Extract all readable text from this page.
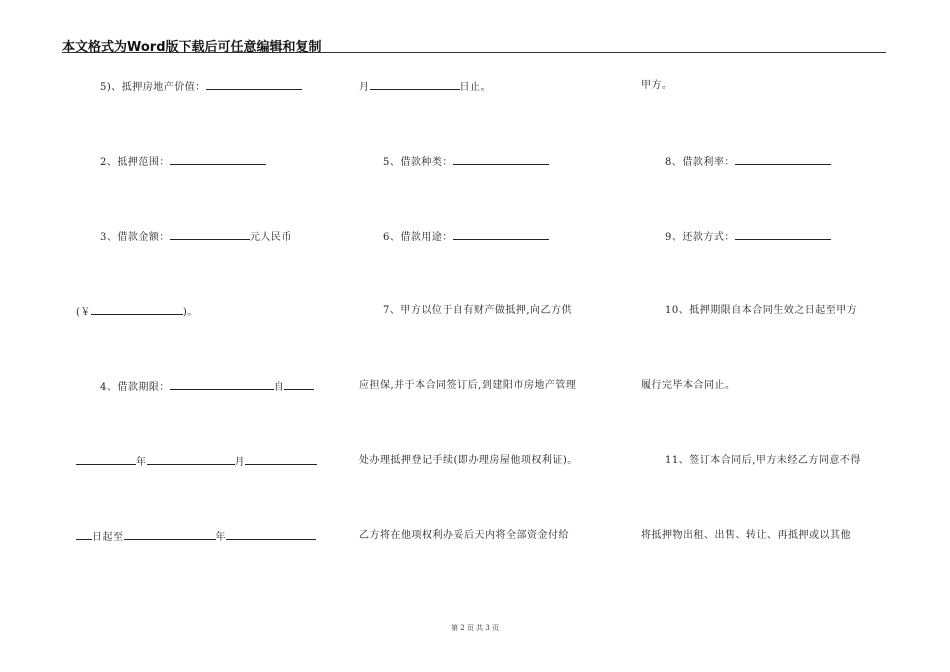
本文格式为Word版下载后可任意编辑和复制
5)、抵押房地产价值：
2、抵押范围：
3、借款金额：	元人民币
(￥	)。
4、借款期限：	自
年	月
日起至	年
月	日止。
5、借款种类：
6、借款用途：
7、甲方以位于自有财产做抵押,向乙方供
应担保,并于本合同签订后,到建阳市房地产管理
处办理抵押登记手续(即办理房屋他项权利证)。
乙方将在他项权利办妥后天内将全部资金付给
甲方。
8、借款利率：
9、还款方式：
10、抵押期限自本合同生效之日起至甲方
履行完毕本合同止。
11、签订本合同后,甲方未经乙方同意不得
将抵押物出租、出售、转让、再抵押或以其他
第 2 页 共 3 页
